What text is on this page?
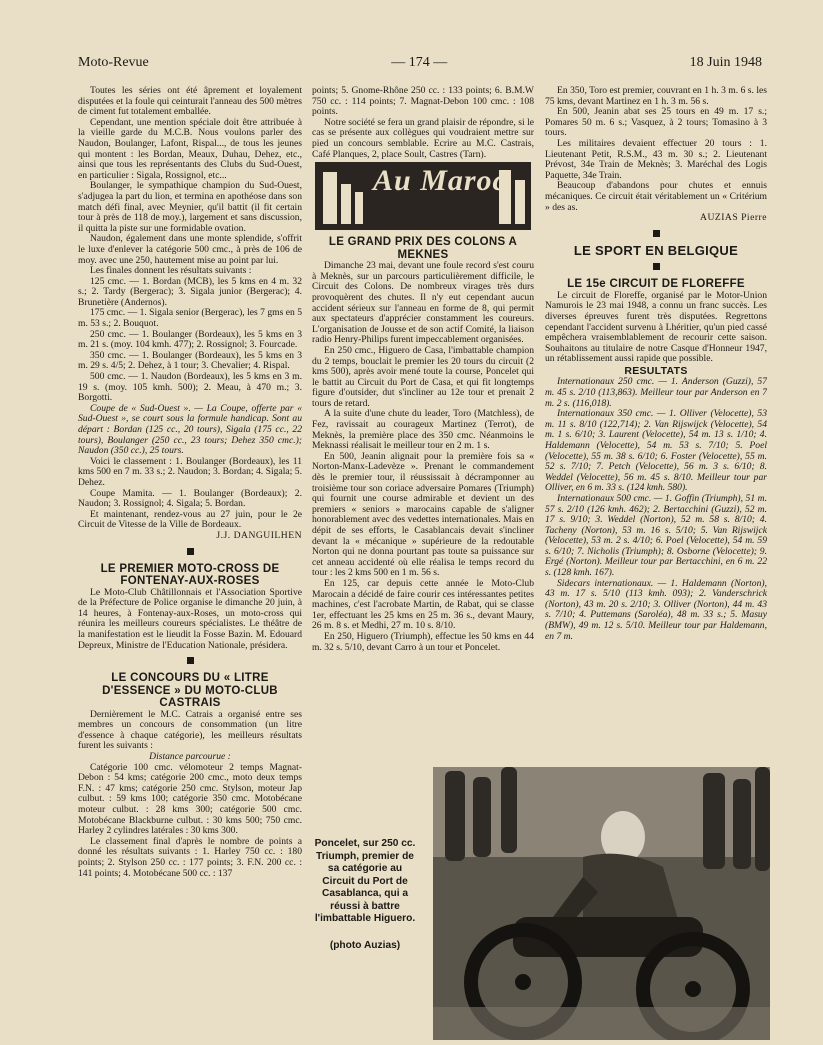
Moto-Revue	— 174 —	18 Juin 1948

Toutes les séries ont été âprement et loyalement disputées et la foule qui ceinturait l'anneau des 500 mètres de ciment fut totalement emballée.

Cependant, une mention spéciale doit être attribuée à la vieille garde du M.C.B. Nous voulons parler des Naudon, Boulanger, Lafont, Rispal..., de tous les jeunes qui montent : les Bordan, Meaux, Duhau, Dehez, etc., ainsi que tous les représentants des Clubs du Sud-Ouest, en particulier : Sigala, Rossignol, etc...

Boulanger, le sympathique champion du Sud-Ouest, s'adjugea la part du lion, et termina en apothéose dans son match défi final, avec Meynier, qu'il battit (il fit certain tour à près de 118 de moy.), largement et sans discussion, il quitta la piste sur une formidable ovation.

Naudon, également dans une monte splendide, s'offrit le luxe d'enlever la catégorie 500 cmc., à près de 106 de moy. avec une 250, hautement mise au point par lui.

Les finales donnent les résultats suivants :

125 cmc. — 1. Bordan (MCB), les 5 kms en 4 m. 32 s.; 2. Tardy (Bergerac); 3. Sigala junior (Bergerac); 4. Brunetière (Andernos).

175 cmc. — 1. Sigala senior (Bergerac), les 7 gms en 5 m. 53 s.; 2. Bouquot.

250 cmc. — 1. Boulanger (Bordeaux), les 5 kms en 3 m. 21 s. (moy. 104 kmh. 477); 2. Rossignol; 3. Fourcade.

350 cmc. — 1. Boulanger (Bordeaux), les 5 kms en 3 m. 29 s. 4/5; 2. Dehez, à 1 tour; 3. Chevalier; 4. Rispal.

500 cmc. — 1. Naudon (Bordeaux), les 5 kms en 3 m. 19 s. (moy. 105 kmh. 500); 2. Meau, à 470 m.; 3. Borgotti.

Coupe de « Sud-Ouest ». — La Coupe, offerte par « Sud-Ouest », se court sous la formule handicap. Sont au départ : Bordan (125 cc., 20 tours), Sigala (175 cc., 22 tours), Boulanger (250 cc., 23 tours; Dehez 350 cmc.); Naudon (350 cc.), 25 tours.

Voici le classement : 1. Boulanger (Bordeaux), les 11 kms 500 en 7 m. 33 s.; 2. Naudon; 3. Bordan; 4. Sigala; 5. Dehez.

Coupe Mamita. — 1. Boulanger (Bordeaux); 2. Naudon; 3. Rossignol; 4. Sigala; 5. Bordan.

Et maintenant, rendez-vous au 27 juin, pour le 2e Circuit de Vitesse de la Ville de Bordeaux.

J.J. DANGUILHEN

LE PREMIER MOTO-CROSS DE FONTENAY-AUX-ROSES

Le Moto-Club Châtillonnais et l'Association Sportive de la Préfecture de Police organise le dimanche 20 juin, à 14 heures, à Fontenay-aux-Roses, un moto-cross qui réunira les meilleurs coureurs spécialistes. Le théâtre de la manifestation est le lieudit la Fosse Bazin. M. Edouard Depreux, Ministre de l'Education Nationale, présidera.

LE CONCOURS DU « LITRE D'ESSENCE » DU MOTO-CLUB CASTRAIS

Dernièrement le M.C. Catrais a organisé entre ses membres un concours de consommation (un litre d'essence à chaque catégorie), les meilleurs résultats furent les suivants :

Distance parcourue :

Catégorie 100 cmc. vélomoteur 2 temps Magnat-Debon : 54 kms; catégorie 200 cmc., moto deux temps F.N. : 47 kms; catégorie 250 cmc. Stylson, moteur Jap culbut. : 59 kms 100; catégorie 350 cmc. Motobécane moteur culbut. : 28 kms 300; catégorie 500 cmc. Motobécane Blackburne culbut. : 30 kms 500; 750 cmc. Harley 2 cylindres latérales : 30 kms 300.

Le classement final d'après le nombre de points a donné les résultats suivants : 1. Harley 750 cc. : 180 points; 2. Stylson 250 cc. : 177 points; 3. F.N. 200 cc. : 141 points; 4. Motobécane 500 cc. : 137

points; 5. Gnome-Rhône 250 cc. : 133 points; 6. B.M.W 750 cc. : 114 points; 7. Magnat-Debon 100 cmc. : 108 points.

Notre société se fera un grand plaisir de répondre, si le cas se présente aux collègues qui voudraient mettre sur pied un concours semblable. Ecrire au M.C. Castrais, Café Planques, 2, place Soult, Castres (Tarn).

Au Maroc

LE GRAND PRIX DES COLONS A MEKNES

Dimanche 23 mai, devant une foule record s'est couru à Meknès, sur un parcours particulièrement difficile, le Circuit des Colons. De nombreux virages très durs provoquèrent des chutes. Il n'y eut cependant aucun accident sérieux sur l'anneau en forme de 8, qui permit aux spectateurs d'apprécier constamment les coureurs. L'organisation de Jousse et de son actif Comité, la liaison radio Henry-Philips furent impeccablement organisées.

En 250 cmc., Higuero de Casa, l'imbattable champion du 2 temps, bouclait le premier les 20 tours du circuit (2 kms 500), après avoir mené toute la course, Poncelet qui le battit au Circuit du Port de Casa, et qui fit longtemps figure d'outsider, dut s'incliner au 12e tour et prenait 2 tours de retard.

A la suite d'une chute du leader, Toro (Matchless), de Fez, ravissait au courageux Martinez (Terrot), de Meknès, la première place des 350 cmc. Néanmoins le Meknassi réalisait le meilleur tour en 2 m. 1 s.

En 500, Jeanin alignait pour la première fois sa « Norton-Manx-Ladevèze ». Prenant le commandement dès le premier tour, il réussissait à décramponner au troisième tour son coriace adversaire Pomares (Triumph) qui fournit une course admirable et devient un des premiers « seniors » marocains capable de s'aligner honorablement avec des vedettes internationales. Mais en dépit de ses efforts, le Casablancais devait s'incliner devant la « mécanique » supérieure de la redoutable Norton qui ne donna pourtant pas toute sa puissance sur cet anneau accidenté où elle réalisa le temps record du tour : les 2 kms 500 en 1 m. 56 s.

En 125, car depuis cette année le Moto-Club Marocain a décidé de faire courir ces intéressantes petites machines, c'est l'acrobate Martin, de Rabat, qui se classe 1er, effectuant les 25 kms en 25 m. 36 s., devant Maury, 26 m. 8 s. et Medhi, 27 m. 10 s. 8/10.

En 250, Higuero (Triumph), effectue les 50 kms en 44 m. 32 s. 5/10, devant Carro à un tour et Poncelet.

En 350, Toro est premier, couvrant en 1 h. 3 m. 6 s. les 75 kms, devant Martinez en 1 h. 3 m. 56 s.

En 500, Jeanin abat ses 25 tours en 49 m. 17 s.; Pomares 50 m. 6 s.; Vasquez, à 2 tours; Tomasino à 3 tours.

Les militaires devaient effectuer 20 tours : 1. Lieutenant Petit, R.S.M., 43 m. 30 s.; 2. Lieutenant Prévost, 34e Train de Meknès; 3. Maréchal des Logis Paquette, 34e Train.

Beaucoup d'abandons pour chutes et ennuis mécaniques. Ce circuit était véritablement un « Critérium » des as.

AUZIAS Pierre

LE SPORT EN BELGIQUE

LE 15e CIRCUIT DE FLOREFFE

Le circuit de Floreffe, organisé par le Motor-Union Namurois le 23 mai 1948, a connu un franc succès. Les diverses épreuves furent très disputées. Regrettons cependant l'accident survenu à Lhéritier, qu'un pied cassé empêchera vraisemblablement de recourir cette saison. Souhaitons au titulaire de notre Casque d'Honneur 1947, un rétablissement aussi rapide que possible.

RESULTATS

Internationaux 250 cmc. — 1. Anderson (Guzzi), 57 m. 45 s. 2/10 (113,863). Meilleur tour par Anderson en 7 m. 2 s. (116,018).

Internationaux 350 cmc. — 1. Olliver (Velocette), 53 m. 11 s. 8/10 (122,714); 2. Van Rijswijck (Velocette), 54 m. 1 s. 6/10; 3. Laurent (Velocette), 54 m. 13 s. 1/10; 4. Haldemann (Velocette), 54 m. 53 s. 7/10; 5. Poel (Velocette), 55 m. 38 s. 6/10; 6. Foster (Velocette), 55 m. 52 s. 7/10; 7. Petch (Velocette), 56 m. 3 s. 6/10; 8. Weddel (Velocette), 56 m. 45 s. 8/10. Meilleur tour par Olliver, en 6 m. 33 s. (124 kmh. 580).

Internationaux 500 cmc. — 1. Goffin (Triumph), 51 m. 57 s. 2/10 (126 kmh. 462); 2. Bertacchini (Guzzi), 52 m. 17 s. 9/10; 3. Weddel (Norton), 52 m. 58 s. 8/10; 4. Tacheny (Norton), 53 m. 16 s. 5/10; 5. Van Rijswijck (Velocette), 53 m. 2 s. 4/10; 6. Poel (Velocette), 54 m. 59 s. 6/10; 7. Nicholis (Triumph); 8. Osborne (Velocette); 9. Ergé (Norton). Meilleur tour par Bertacchini, en 6 m. 22 s. (128 kmh. 167).

Sidecars internationaux. — 1. Haldemann (Norton), 43 m. 17 s. 5/10 (113 kmh. 093); 2. Vanderschrick (Norton), 43 m. 20 s. 2/10; 3. Olliver (Norton), 44 m. 43 s. 7/10; 4. Puttemans (Saroléa), 48 m. 33 s.; 5. Masuy (BMW), 49 m. 12 s. 5/10. Meilleur tour par Haldemann, en 7 m.

Poncelet, sur 250 cc. Triumph, premier de sa catégorie au Circuit du Port de Casablanca, qui a réussi à battre l'imbattable Higuero.
(photo Auzias)
